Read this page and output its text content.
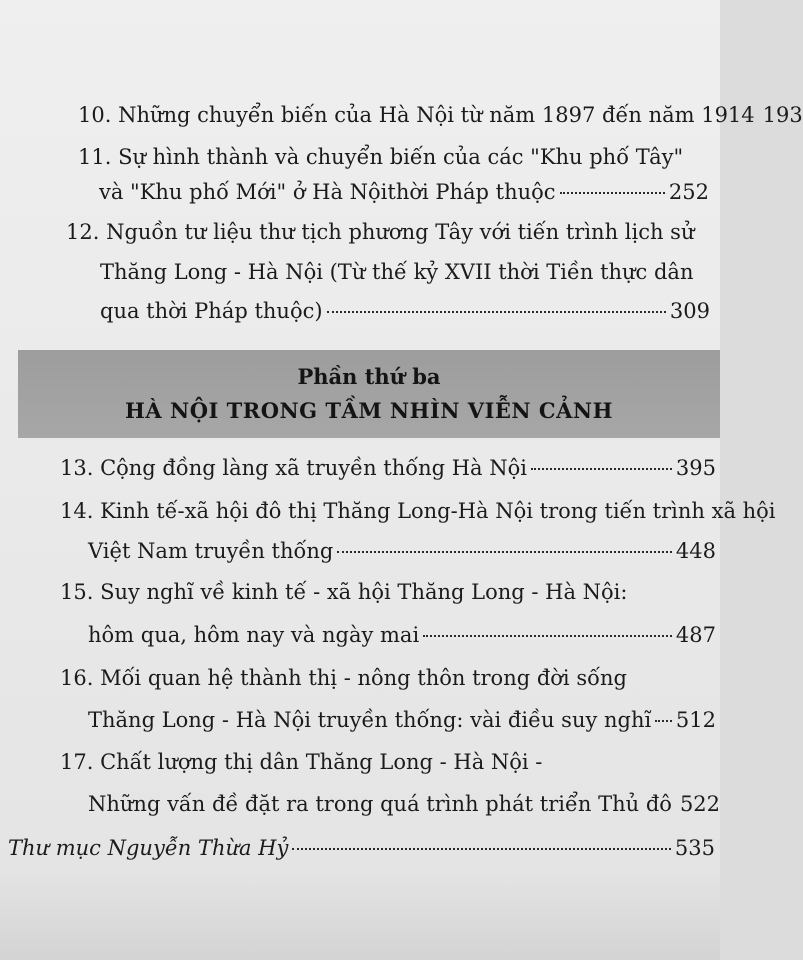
10. Những chuyển biến của Hà Nội từ năm 1897 đến năm 1914 193
11. Sự hình thành và chuyển biến của các "Khu phố Tây"
và "Khu phố Mới" ở Hà Nộithời Pháp thuộc	252
12. Nguồn tư liệu thư tịch phương Tây với tiến trình lịch sử
Thăng Long - Hà Nội (Từ thế kỷ XVII thời Tiền thực dân
qua thời Pháp thuộc)	309
Phần thứ ba
HÀ NỘI TRONG TẦM NHÌN VIỄN CẢNH
13. Cộng đồng làng xã truyền thống Hà Nội	395
14. Kinh tế-xã hội đô thị Thăng Long-Hà Nội trong tiến trình xã hội
Việt Nam truyền thống	448
15. Suy nghĩ về kinh tế - xã hội Thăng Long - Hà Nội:
hôm qua, hôm nay và ngày mai	487
16. Mối quan hệ thành thị - nông thôn trong đời sống
Thăng Long - Hà Nội truyền thống: vài điều suy nghĩ 512
17. Chất lượng thị dân Thăng Long - Hà Nội -
Những vấn đề đặt ra trong quá trình phát triển Thủ đô 522
Thư mục Nguyễn Thừa Hỷ	535
